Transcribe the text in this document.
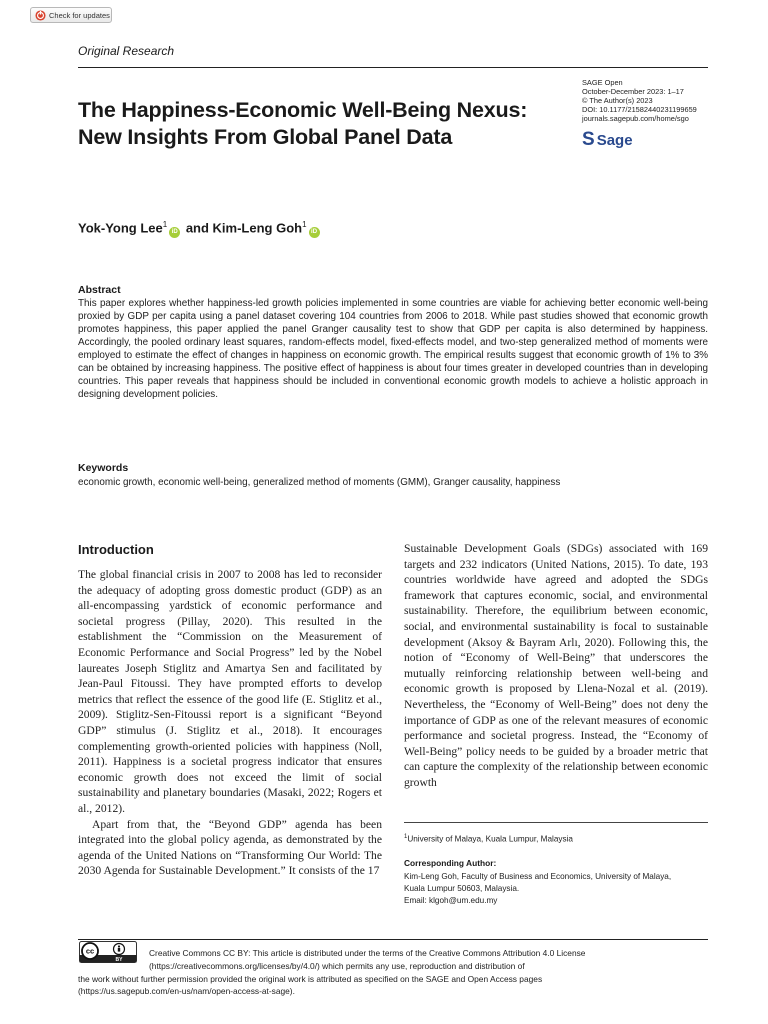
Check for updates
Original Research
The Happiness-Economic Well-Being Nexus: New Insights From Global Panel Data
SAGE Open
October-December 2023: 1–17
© The Author(s) 2023
DOI: 10.1177/21582440231199659
journals.sagepub.com/home/sgo
S Sage
Yok-Yong Lee$^1$iD and Kim-Leng Goh$^1$iD
Abstract
This paper explores whether happiness-led growth policies implemented in some countries are viable for achieving better economic well-being proxied by GDP per capita using a panel dataset covering 104 countries from 2006 to 2018. While past studies showed that economic growth promotes happiness, this paper applied the panel Granger causality test to show that GDP per capita is also determined by happiness. Accordingly, the pooled ordinary least squares, random-effects model, fixed-effects model, and two-step generalized method of moments were employed to estimate the effect of changes in happiness on economic growth. The empirical results suggest that economic growth of 1% to 3% can be obtained by increasing happiness. The positive effect of happiness is about four times greater in developed countries than in developing countries. This paper reveals that happiness should be included in conventional economic growth models to achieve a holistic approach in designing development policies.
Keywords
economic growth, economic well-being, generalized method of moments (GMM), Granger causality, happiness
Introduction

The global financial crisis in 2007 to 2008 has led to reconsider the adequacy of adopting gross domestic product (GDP) as an all-encompassing yardstick of economic performance and societal progress (Pillay, 2020). This resulted in the establishment the “Commission on the Measurement of Economic Performance and Social Progress” led by the Nobel laureates Joseph Stiglitz and Amartya Sen and facilitated by Jean-Paul Fitoussi. They have prompted efforts to develop metrics that reflect the essence of the good life (E. Stiglitz et al., 2009). Stiglitz-Sen-Fitoussi report is a significant “Beyond GDP” stimulus (J. Stiglitz et al., 2018). It encourages complementing growth-oriented policies with happiness (Noll, 2011). Happiness is a societal progress indicator that ensures economic growth does not exceed the limit of social sustainability and planetary boundaries (Masaki, 2022; Rogers et al., 2012).

Apart from that, the “Beyond GDP” agenda has been integrated into the global policy agenda, as demonstrated by the agenda of the United Nations on “Transforming Our World: The 2030 Agenda for Sustainable Development.” It consists of the 17

Sustainable Development Goals (SDGs) associated with 169 targets and 232 indicators (United Nations, 2015). To date, 193 countries worldwide have agreed and adopted the SDGs framework that captures economic, social, and environmental sustainability. Therefore, the equilibrium between economic, social, and environmental sustainability is focal to sustainable development (Aksoy & Bayram Arlı, 2020). Following this, the notion of “Economy of Well-Being” that underscores the mutually reinforcing relationship between well-being and economic growth is proposed by Llena-Nozal et al. (2019). Nevertheless, the “Economy of Well-Being” does not deny the importance of GDP as one of the relevant measures of economic performance and societal progress. Instead, the “Economy of Well-Being” policy needs to be guided by a broader metric that can capture the complexity of the relationship between economic growth

$^1$University of Malaya, Kuala Lumpur, Malaysia
Corresponding Author:
Kim-Leng Goh, Faculty of Business and Economics, University of Malaya,
Kuala Lumpur 50603, Malaysia.
Email: klgoh@um.edu.my
cc
BY
Creative Commons CC BY: This article is distributed under the terms of the Creative Commons Attribution 4.0 License
(https://creativecommons.org/licenses/by/4.0/) which permits any use, reproduction and distribution of
the work without further permission provided the original work is attributed as specified on the SAGE and Open Access pages
(https://us.sagepub.com/en-us/nam/open-access-at-sage).
